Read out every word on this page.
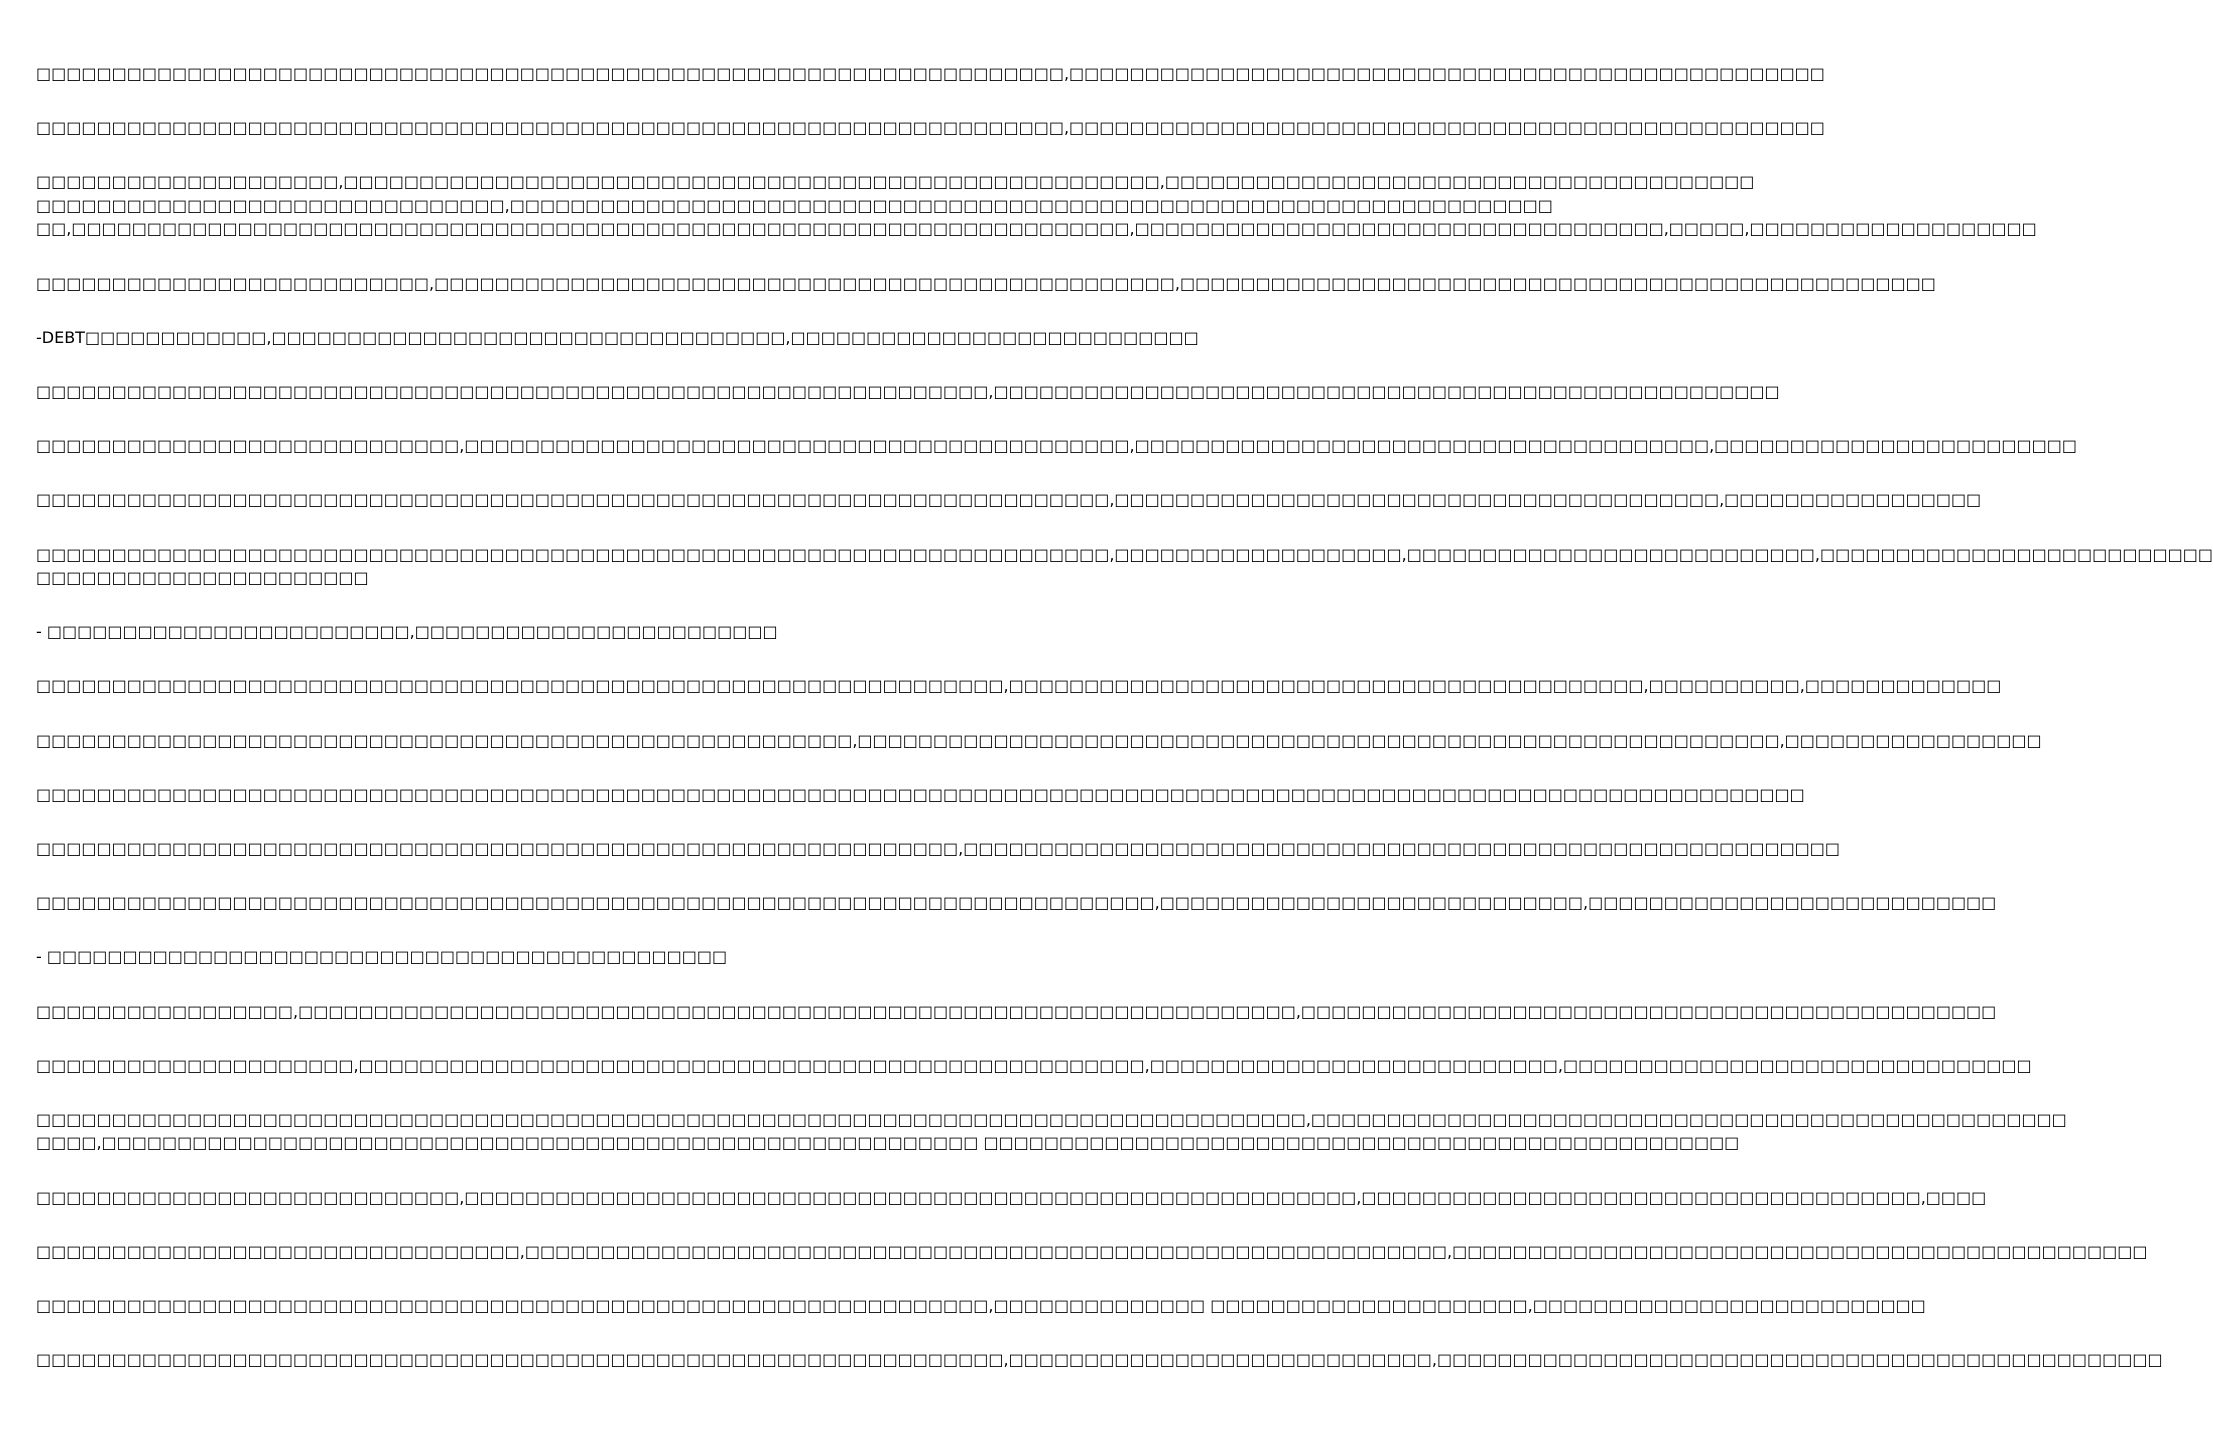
□□□□□□□□□□□□□□□□□□□□□□□□□□□□□□□□□□□□□□□□□□□□□□□□□□□□□□□□□□□□□□□□□□□□,□□□□□□□□□□□□□□□□□□□□□□□□□□□□□□□□□□□□□□□□□□□□□□□□□□

□□□□□□□□□□□□□□□□□□□□□□□□□□□□□□□□□□□□□□□□□□□□□□□□□□□□□□□□□□□□□□□□□□□□,□□□□□□□□□□□□□□□□□□□□□□□□□□□□□□□□□□□□□□□□□□□□□□□□□□

□□□□□□□□□□□□□□□□□□□□,□□□□□□□□□□□□□□□□□□□□□□□□□□□□□□□□□□□□□□□□□□□□□□□□□□□□□□,□□□□□□□□□□□□□□□□□□□□□□□□□□□□□□□□□□□□□□□
□□□□□□□□□□□□□□□□□□□□□□□□□□□□□□□,□□□□□□□□□□□□□□□□□□□□□□□□□□□□□□□□□□□□□□□□□□□□□□□□□□□□□□□□□□□□□□□□□□□□□
□□,□□□□□□□□□□□□□□□□□□□□□□□□□□□□□□□□□□□□□□□□□□□□□□□□□□□□□□□□□□□□□□□□□□□□□□,□□□□□□□□□□□□□□□□□□□□□□□□□□□□□□□□□□□,□□□□□,□□□□□□□□□□□□□□□□□□□

□□□□□□□□□□□□□□□□□□□□□□□□□□,□□□□□□□□□□□□□□□□□□□□□□□□□□□□□□□□□□□□□□□□□□□□□□□□□,□□□□□□□□□□□□□□□□□□□□□□□□□□□□□□□□□□□□□□□□□□□□□□□□□□

-DEBT□□□□□□□□□□□□,□□□□□□□□□□□□□□□□□□□□□□□□□□□□□□□□□□,□□□□□□□□□□□□□□□□□□□□□□□□□□□

□□□□□□□□□□□□□□□□□□□□□□□□□□□□□□□□□□□□□□□□□□□□□□□□□□□□□□□□□□□□□□□,□□□□□□□□□□□□□□□□□□□□□□□□□□□□□□□□□□□□□□□□□□□□□□□□□□□□

□□□□□□□□□□□□□□□□□□□□□□□□□□□□,□□□□□□□□□□□□□□□□□□□□□□□□□□□□□□□□□□□□□□□□□□□□,□□□□□□□□□□□□□□□□□□□□□□□□□□□□□□□□□□□□□□,□□□□□□□□□□□□□□□□□□□□□□□□

□□□□□□□□□□□□□□□□□□□□□□□□□□□□□□□□□□□□□□□□□□□□□□□□□□□□□□□□□□□□□□□□□□□□□□□,□□□□□□□□□□□□□□□□□□□□□□□□□□□□□□□□□□□□□□□□,□□□□□□□□□□□□□□□□□

□□□□□□□□□□□□□□□□□□□□□□□□□□□□□□□□□□□□□□□□□□□□□□□□□□□□□□□□□□□□□□□□□□□□□□□,□□□□□□□□□□□□□□□□□□□,□□□□□□□□□□□□□□□□□□□□□□□□□□□,□□□□□□□□□□□□□□□□□□□□□□□□□□
□□□□□□□□□□□□□□□□□□□□□□

- □□□□□□□□□□□□□□□□□□□□□□□□,□□□□□□□□□□□□□□□□□□□□□□□□

□□□□□□□□□□□□□□□□□□□□□□□□□□□□□□□□□□□□□□□□□□□□□□□□□□□□□□□□□□□□□□□□,□□□□□□□□□□□□□□□□□□□□□□□□□□□□□□□□□□□□□□□□□□,□□□□□□□□□□,□□□□□□□□□□□□□

□□□□□□□□□□□□□□□□□□□□□□□□□□□□□□□□□□□□□□□□□□□□□□□□□□□□□□,□□□□□□□□□□□□□□□□□□□□□□□□□□□□□□□□□□□□□□□□□□□□□□□□□□□□□□□□□□□□□,□□□□□□□□□□□□□□□□□

□□□□□□□□□□□□□□□□□□□□□□□□□□□□□□□□□□□□□□□□□□□□□□□□□□□□□□□□□□□□□□□□□□□□□□□□□□□□□□□□□□□□□□□□□□□□□□□□□□□□□□□□□□□□□□□□□□□□□

□□□□□□□□□□□□□□□□□□□□□□□□□□□□□□□□□□□□□□□□□□□□□□□□□□□□□□□□□□□□□,□□□□□□□□□□□□□□□□□□□□□□□□□□□□□□□□□□□□□□□□□□□□□□□□□□□□□□□□□□

□□□□□□□□□□□□□□□□□□□□□□□□□□□□□□□□□□□□□□□□□□□□□□□□□□□□□□□□□□□□□□□□□□□□□□□□□□,□□□□□□□□□□□□□□□□□□□□□□□□□□□□,□□□□□□□□□□□□□□□□□□□□□□□□□□□

- □□□□□□□□□□□□□□□□□□□□□□□□□□□□□□□□□□□□□□□□□□□□□

□□□□□□□□□□□□□□□□□,□□□□□□□□□□□□□□□□□□□□□□□□□□□□□□□□□□□□□□□□□□□□□□□□□□□□□□□□□□□□□□□□□□,□□□□□□□□□□□□□□□□□□□□□□□□□□□□□□□□□□□□□□□□□□□□□□

□□□□□□□□□□□□□□□□□□□□□,□□□□□□□□□□□□□□□□□□□□□□□□□□□□□□□□□□□□□□□□□□□□□□□□□□□□,□□□□□□□□□□□□□□□□□□□□□□□□□□□,□□□□□□□□□□□□□□□□□□□□□□□□□□□□□□□

□□□□□□□□□□□□□□□□□□□□□□□□□□□□□□□□□□□□□□□□□□□□□□□□□□□□□□□□□□□□□□□□□□□□□□□□□□□□□□□□□□□□,□□□□□□□□□□□□□□□□□□□□□□□□□□□□□□□□□□□□□□□□□□□□□□□□□□
□□□□,□□□□□□□□□□□□□□□□□□□□□□□□□□□□□□□□□□□□□□□□□□□□□□□□□□□□□□□□□□ □□□□□□□□□□□□□□□□□□□□□□□□□□□□□□□□□□□□□□□□□□□□□□□□□□

□□□□□□□□□□□□□□□□□□□□□□□□□□□□,□□□□□□□□□□□□□□□□□□□□□□□□□□□□□□□□□□□□□□□□□□□□□□□□□□□□□□□□□□□,□□□□□□□□□□□□□□□□□□□□□□□□□□□□□□□□□□□□□,□□□□

□□□□□□□□□□□□□□□□□□□□□□□□□□□□□□□□,□□□□□□□□□□□□□□□□□□□□□□□□□□□□□□□□□□□□□□□□□□□□□□□□□□□□□□□□□□□□□,□□□□□□□□□□□□□□□□□□□□□□□□□□□□□□□□□□□□□□□□□□□□□□

□□□□□□□□□□□□□□□□□□□□□□□□□□□□□□□□□□□□□□□□□□□□□□□□□□□□□□□□□□□□□□□,□□□□□□□□□□□□□□ □□□□□□□□□□□□□□□□□□□□□,□□□□□□□□□□□□□□□□□□□□□□□□□□

□□□□□□□□□□□□□□□□□□□□□□□□□□□□□□□□□□□□□□□□□□□□□□□□□□□□□□□□□□□□□□□□,□□□□□□□□□□□□□□□□□□□□□□□□□□□□,□□□□□□□□□□□□□□□□□□□□□□□□□□□□□□□□□□□□□□□□□□□□□□□□
